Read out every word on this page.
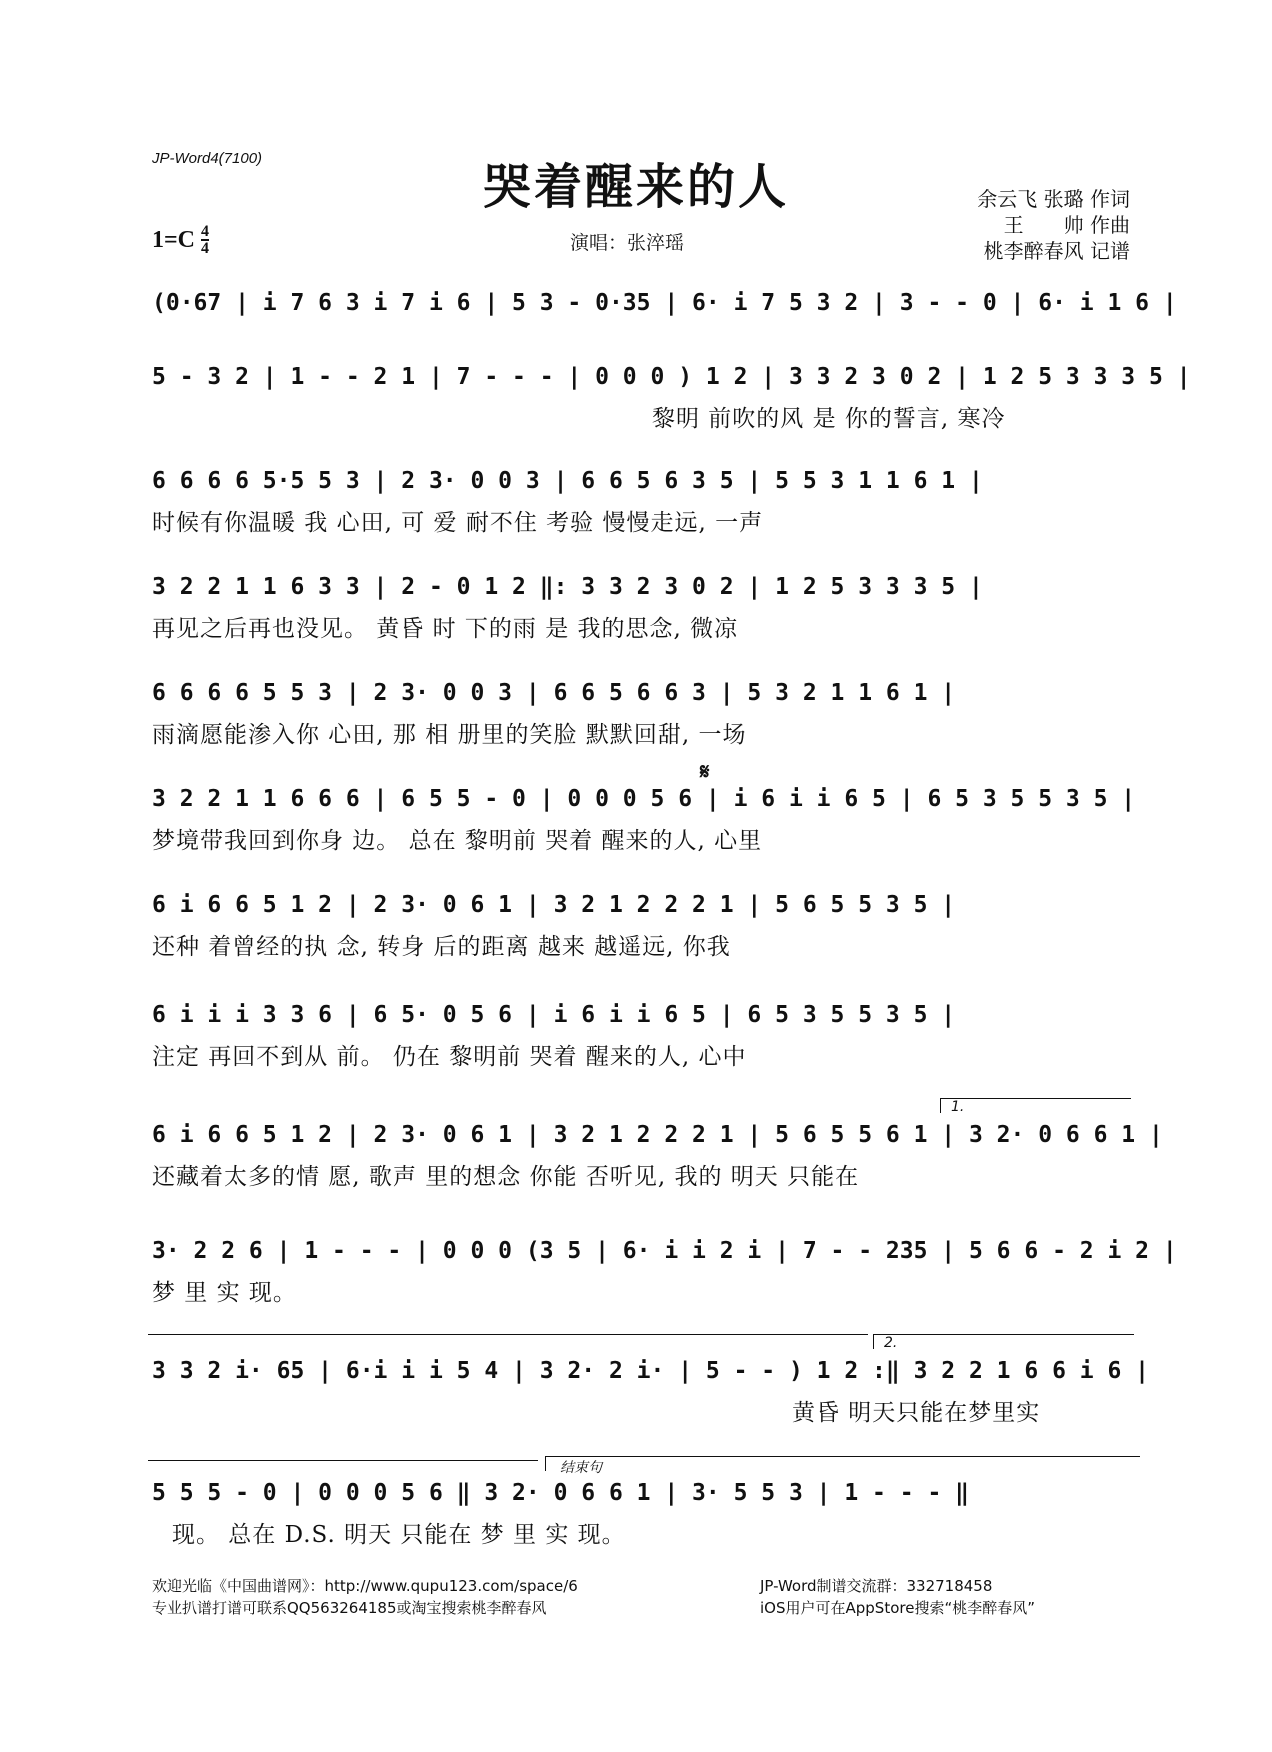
JP-Word4(7100)
哭着醒来的人	余云飞 张璐 作词
王　　帅 作曲
桃李醉春风 记谱
$1=C \frac{4}{4}$	演唱：张淬瑶
(0·67 | i 7 6 3 i 7 i 6 | 5 3 - 0·35 | 6· i 7 5 3 2 | 3 - - 0 | 6· i 1 6 |
5 - 3 2 | 1 - - 2 1 | 7 - - - | 0 0 0 ) 1 2 | 3 3 2 3 0 2 | 1 2 5 3 3 3 5 |
黎明 前吹的风 是 你的誓言, 寒冷
6 6 6 6 5·5 5 3 | 2 3· 0 0 3 | 6 6 5 6 3 5 | 5 5 3 1 1 6 1 |
时候有你温暖 我 心田, 可 爱 耐不住 考验 慢慢走远, 一声
3 2 2 1 1 6 3 3 | 2 - 0 1 2 ‖: 3 3 2 3 0 2 | 1 2 5 3 3 3 5 |
再见之后再也没见。 黄昏 时 下的雨 是 我的思念, 微凉
6 6 6 6 5 5 3 | 2 3· 0 0 3 | 6 6 5 6 6 3 | 5 3 2 1 1 6 1 |
雨滴愿能渗入你 心田, 那 相 册里的笑脸 默默回甜, 一场
𝄋
3 2 2 1 1 6 6 6 | 6 5 5 - 0 | 0 0 0 5 6 | i 6 i i 6 5 | 6 5 3 5 5 3 5 |
梦境带我回到你身 边。 总在 黎明前 哭着 醒来的人, 心里
6 i 6 6 5 1 2 | 2 3· 0 6 1 | 3 2 1 2 2 2 1 | 5 6 5 5 3 5 |
还种 着曾经的执 念, 转身 后的距离 越来 越遥远, 你我
6 i i i 3 3 6 | 6 5· 0 5 6 | i 6 i i 6 5 | 6 5 3 5 5 3 5 |
注定 再回不到从 前。 仍在 黎明前 哭着 醒来的人, 心中
1.
6 i 6 6 5 1 2 | 2 3· 0 6 1 | 3 2 1 2 2 2 1 | 5 6 5 5 6 1 | 3 2· 0 6 6 1 |
还藏着太多的情 愿, 歌声 里的想念 你能 否听见, 我的 明天 只能在
3· 2 2 6 | 1 - - - | 0 0 0 (3 5 | 6· i i 2 i | 7 - - 235 | 5 6 6 - 2 i 2 |
梦 里 实 现。
2.
3 3 2 i· 65 | 6·i i i 5 4 | 3 2· 2 i· | 5 - - ) 1 2 :‖ 3 2 2 1 6 6 i 6 |
黄昏 明天只能在梦里实
结束句
5 5 5 - 0 | 0 0 0 5 6 ‖ 3 2· 0 6 6 1 | 3· 5 5 3 | 1 - - - ‖
现。 总在 D.S. 明天 只能在 梦 里 实 现。
欢迎光临《中国曲谱网》：http://www.qupu123.com/space/6
专业扒谱打谱可联系QQ563264185或淘宝搜索桃李醉春风
JP-Word制谱交流群：332718458
iOS用户可在AppStore搜索“桃李醉春风”
